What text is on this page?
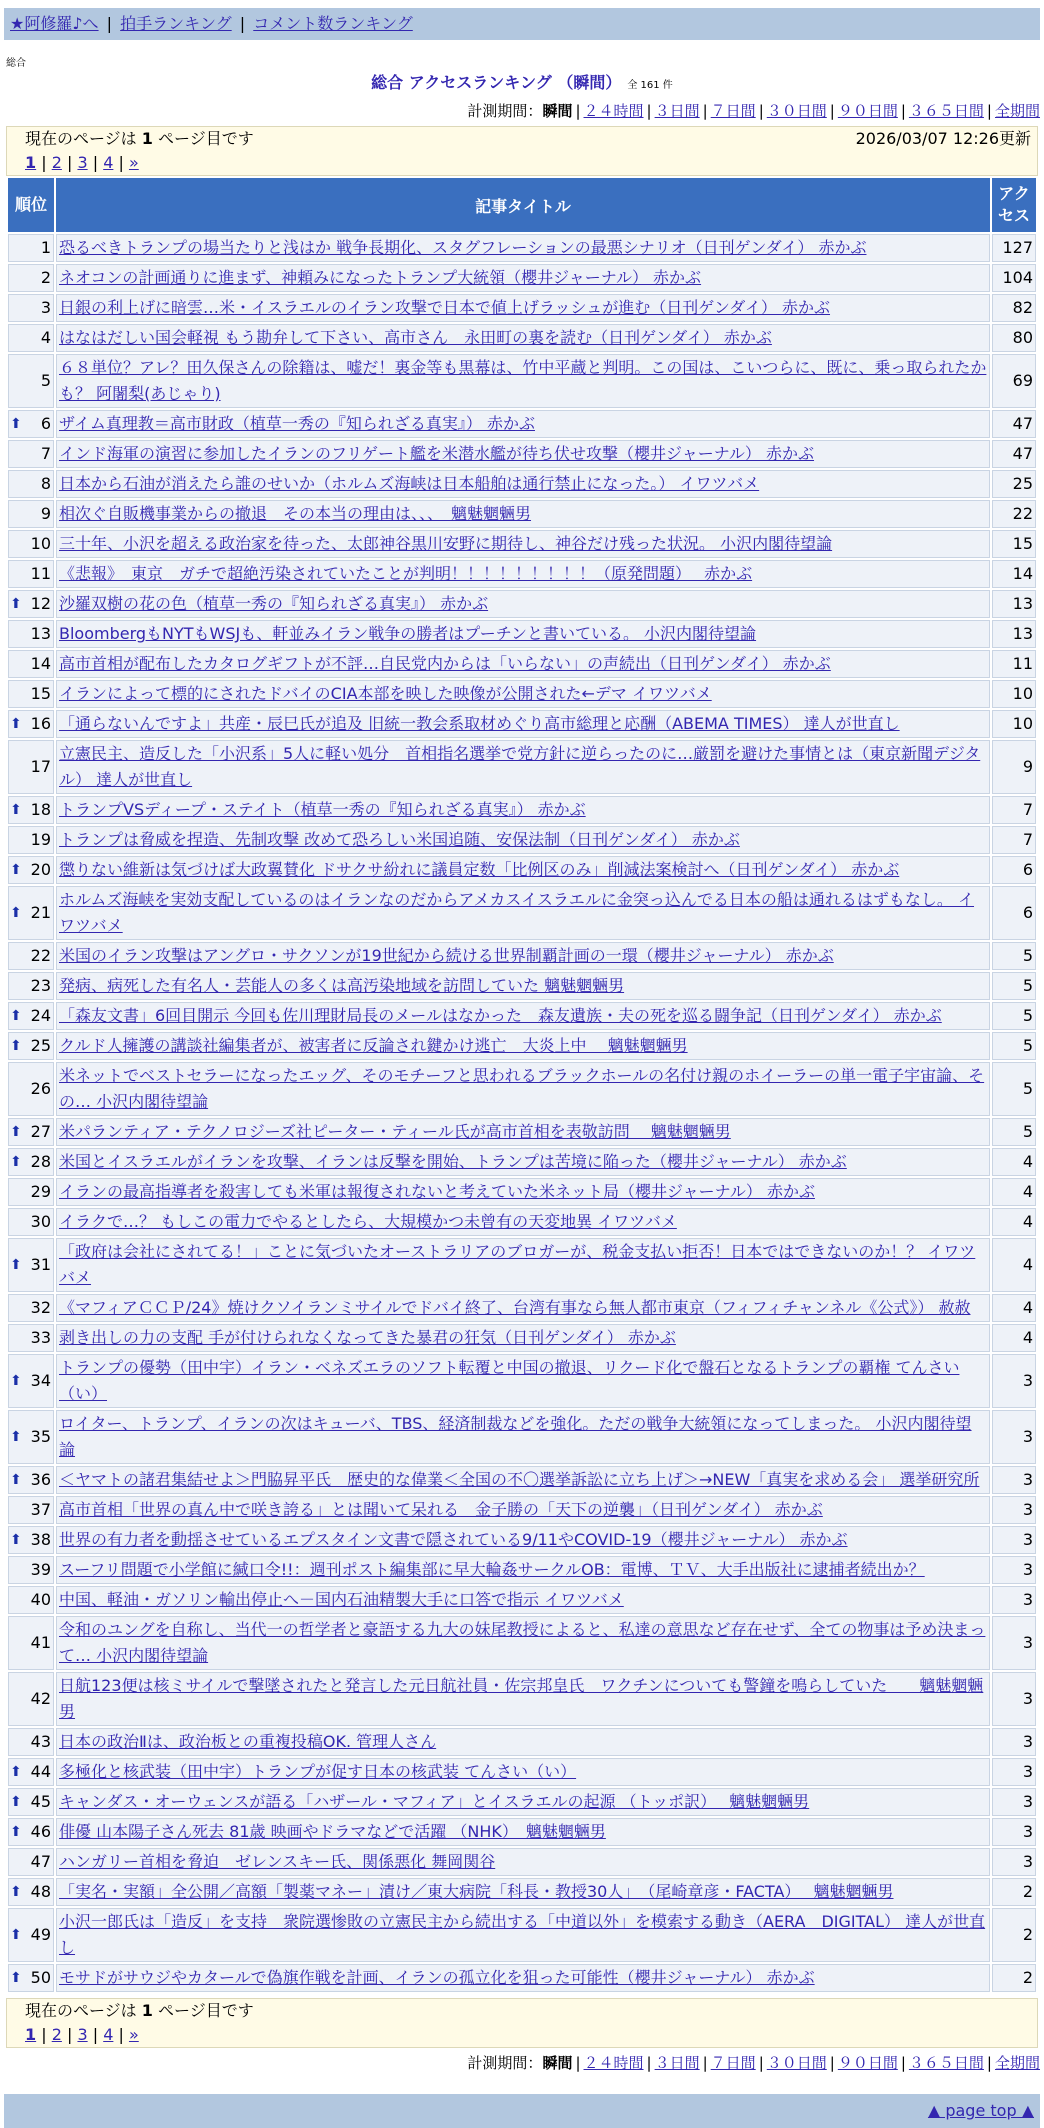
★阿修羅♪へ | 拍手ランキング | コメント数ランキング
総合
総合 アクセスランキング （瞬間） 全 161 件
計測期間：瞬間 | ２４時間 | ３日間 | ７日間 | ３０日間 | ９０日間 | ３６５日間 | 全期間
現在のページは 1 ページ目です	2026/03/07 12:26更新
1 | 2 | 3 | 4 | »
順位	記事タイトル	アクセス
1	恐るべきトランプの場当たりと浅はか 戦争長期化、スタグフレーションの最悪シナリオ（日刊ゲンダイ） 赤かぶ	127
2	ネオコンの計画通りに進まず、神頼みになったトランプ大統領（櫻井ジャーナル） 赤かぶ	104
3	日銀の利上げに暗雲…米・イスラエルのイラン攻撃で日本で値上げラッシュが進む（日刊ゲンダイ） 赤かぶ	82
4	はなはだしい国会軽視 もう勘弁して下さい、高市さん　永田町の裏を読む（日刊ゲンダイ） 赤かぶ	80
5	６８単位？アレ？田久保さんの除籍は、嘘だ！裏金等も黒幕は、竹中平蔵と判明。この国は、こいつらに、既に、乗っ取られたかも？ 阿闍梨(あじゃり)	69

⬆ 6	ザイム真理教＝高市財政（植草一秀の『知られざる真実』） 赤かぶ	47
7	インド海軍の演習に参加したイランのフリゲート艦を米潜水艦が待ち伏せ攻撃（櫻井ジャーナル） 赤かぶ	47
8	日本から石油が消えたら誰のせいか（ホルムズ海峡は日本船舶は通行禁止になった。） イワツバメ	25
9	相次ぐ自販機事業からの撤退　その本当の理由は、、、　魑魅魍魎男	22
10	三十年、小沢を超える政治家を待った、太郎神谷黒川安野に期待し、神谷だけ残った状況。 小沢内閣待望論	15
11	《悲報》　東京　ガチで超絶汚染されていたことが判明！！！！！！！！！（原発問題）　 赤かぶ	14

⬆ 12	沙羅双樹の花の色（植草一秀の『知られざる真実』） 赤かぶ	13
13	BloombergもNYTもWSJも、軒並みイラン戦争の勝者はプーチンと書いている。 小沢内閣待望論	13
14	高市首相が配布したカタログギフトが不評…自民党内からは「いらない」の声続出（日刊ゲンダイ） 赤かぶ	11
15	イランによって標的にされたドバイのCIA本部を映した映像が公開された←デマ イワツバメ	10

⬆ 16	「通らないんですよ」共産・辰巳氏が追及 旧統一教会系取材めぐり高市総理と応酬（ABEMA TIMES） 達人が世直し	10
17	立憲民主、造反した「小沢系」5人に軽い処分　首相指名選挙で党方針に逆らったのに…厳罰を避けた事情とは（東京新聞デジタル） 達人が世直し	9

⬆ 18	トランプVSディープ・ステイト（植草一秀の『知られざる真実』） 赤かぶ	7
19	トランプは脅威を捏造、先制攻撃 改めて恐ろしい米国追随、安保法制（日刊ゲンダイ） 赤かぶ	7

⬆ 20	懲りない維新は気づけば大政翼賛化 ドサクサ紛れに議員定数「比例区のみ」削減法案検討へ（日刊ゲンダイ） 赤かぶ	6

⬆ 21	ホルムズ海峡を実効支配しているのはイランなのだからアメカスイスラエルに金突っ込んでる日本の船は通れるはずもなし。 イワツバメ	6
22	米国のイラン攻撃はアングロ・サクソンが19世紀から続ける世界制覇計画の一環（櫻井ジャーナル） 赤かぶ	5
23	発病、病死した有名人・芸能人の多くは高汚染地域を訪問していた 魑魅魍魎男	5

⬆ 24	「森友文書」6回目開示 今回も佐川理財局長のメールはなかった　森友遺族・夫の死を巡る闘争記（日刊ゲンダイ） 赤かぶ	5

⬆ 25	クルド人擁護の講談社編集者が、被害者に反論され鍵かけ逃亡　大炎上中　 魑魅魍魎男	5
26	米ネットでベストセラーになったエッグ、そのモチーフと思われるブラックホールの名付け親のホイーラーの単一電子宇宙論、その… 小沢内閣待望論	5

⬆ 27	米パランティア・テクノロジーズ社ピーター・ティール氏が高市首相を表敬訪問　 魑魅魍魎男	5

⬆ 28	米国とイスラエルがイランを攻撃、イランは反撃を開始、トランプは苦境に陥った（櫻井ジャーナル） 赤かぶ	4
29	イランの最高指導者を殺害しても米軍は報復されないと考えていた米ネット局（櫻井ジャーナル） 赤かぶ	4
30	イラクで…？ もしこの電力でやるとしたら、大規模かつ未曾有の天変地異 イワツバメ	4

⬆ 31	「政府は会社にされてる！」ことに気づいたオーストラリアのブロガーが、税金支払い拒否！日本ではできないのか！？ イワツバメ	4
32	《マフィアＣＣＰ/24》焼けクソイランミサイルでドバイ終了、台湾有事なら無人都市東京（フィフィチャンネル《公式》） 赦赦	4
33	剥き出しの力の支配 手が付けられなくなってきた暴君の狂気（日刊ゲンダイ） 赤かぶ	4

⬆ 34	トランプの優勢（田中宇）イラン・ベネズエラのソフト転覆と中国の撤退、リクード化で盤石となるトランプの覇権 てんさい（い）	3

⬆ 35	ロイター、トランプ、イランの次はキューバ、TBS、経済制裁などを強化。ただの戦争大統領になってしまった。 小沢内閣待望論	3

⬆ 36	＜ヤマトの諸君集結せよ＞門脇昇平氏　歴史的な偉業＜全国の不〇選挙訴訟に立ち上げ＞→NEW「真実を求める会」 選挙研究所	3
37	高市首相「世界の真ん中で咲き誇る」とは聞いて呆れる　金子勝の「天下の逆襲」（日刊ゲンダイ） 赤かぶ	3

⬆ 38	世界の有力者を動揺させているエプスタイン文書で隠されている9/11やCOVID-19（櫻井ジャーナル） 赤かぶ	3
39	スーフリ問題で小学館に緘口令!!：週刊ポスト編集部に早大輪姦サークルOB：電博、ＴＶ、大手出版社に逮捕者続出か？	3
40	中国、軽油・ガソリン輸出停止へ－国内石油精製大手に口答で指示 イワツバメ	3
41	令和のユングを自称し、当代一の哲学者と豪語する九大の妹尾教授によると、私達の意思など存在せず、全ての物事は予め決まって… 小沢内閣待望論	3
42	日航123便は核ミサイルで撃墜されたと発言した元日航社員・佐宗邦皇氏　ワクチンについても警鐘を鳴らしていた　　魑魅魍魎男	3
43	日本の政治Ⅱは、政治板との重複投稿OK. 管理人さん	3

⬆ 44	多極化と核武装（田中宇）トランプが促す日本の核武装 てんさい（い）	3

⬆ 45	キャンダス・オーウェンスが語る「ハザール・マフィア」とイスラエルの起源 （トッポ訳）　 魑魅魍魎男	3

⬆ 46	俳優 山本陽子さん死去 81歳 映画やドラマなどで活躍 （NHK）　魑魅魍魎男	3
47	ハンガリー首相を脅迫　ゼレンスキー氏、関係悪化 舞岡関谷	3

⬆ 48	「実名・実額」全公開／高額「製薬マネー」漬け／東大病院「科長・教授30人」　（尾崎章彦・FACTA）　 魑魅魍魎男	2

⬆ 49	小沢一郎氏は「造反」を支持　衆院選惨敗の立憲民主から続出する「中道以外」を模索する動き（AERA　DIGITAL） 達人が世直し	2

⬆ 50	モサドがサウジやカタールで偽旗作戦を計画、イランの孤立化を狙った可能性（櫻井ジャーナル） 赤かぶ	2
現在のページは 1 ページ目です
1 | 2 | 3 | 4 | »
計測期間：瞬間 | ２４時間 | ３日間 | ７日間 | ３０日間 | ９０日間 | ３６５日間 | 全期間
▲ page top ▲
